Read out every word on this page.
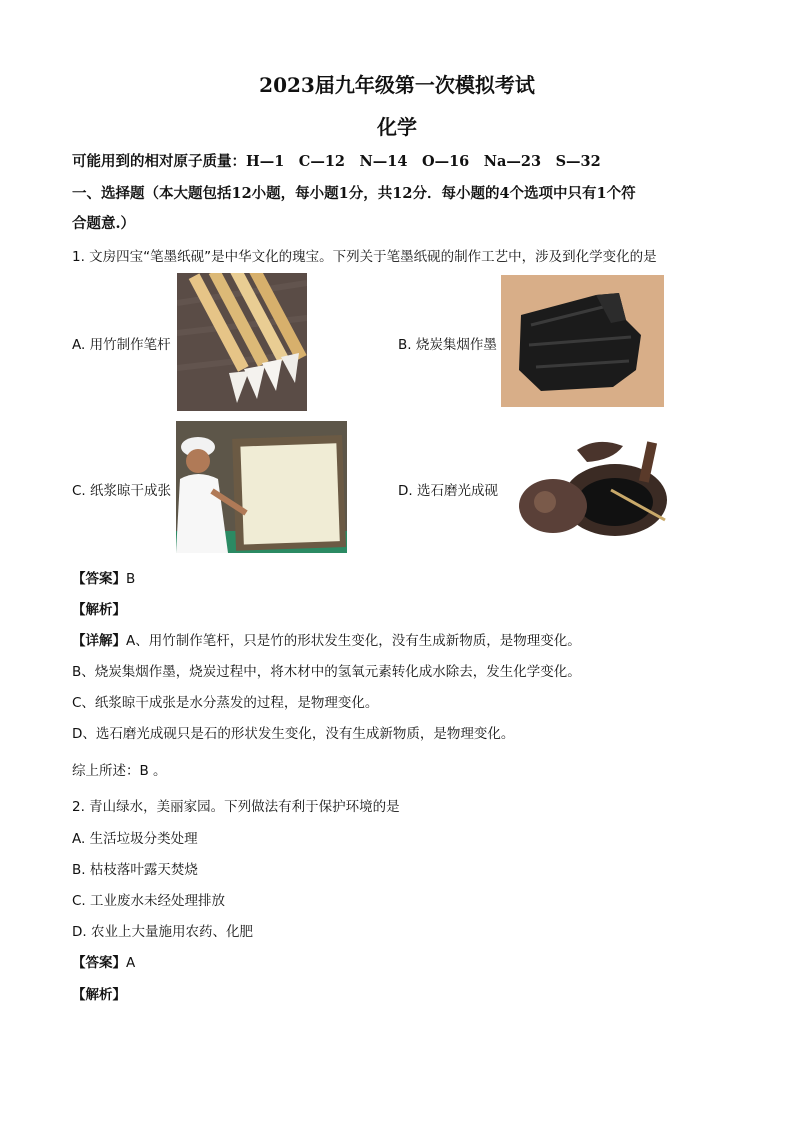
2023届九年级第一次模拟考试
化学
可能用到的相对原子质量：H—1　C—12　N—14　O—16　Na—23　S—32
一、选择题（本大题包括12小题，每小题1分，共12分．每小题的4个选项中只有1个符
合题意.）
1. 文房四宝“笔墨纸砚”是中华文化的瑰宝。下列关于笔墨纸砚的制作工艺中，涉及到化学变化的是
A. 用竹制作笔杆	B. 烧炭集烟作墨
C. 纸浆晾干成张	D. 选石磨光成砚
【答案】B
【解析】
【详解】A、用竹制作笔杆，只是竹的形状发生变化，没有生成新物质，是物理变化。
B、烧炭集烟作墨，烧炭过程中，将木材中的氢氧元素转化成水除去，发生化学变化。
C、纸浆晾干成张是水分蒸发的过程，是物理变化。
D、选石磨光成砚只是石的形状发生变化，没有生成新物质，是物理变化。
综上所述：B 。
2. 青山绿水，美丽家园。下列做法有利于保护环境的是
A. 生活垃圾分类处理
B. 枯枝落叶露天焚烧
C. 工业废水未经处理排放
D. 农业上大量施用农药、化肥
【答案】A
【解析】
